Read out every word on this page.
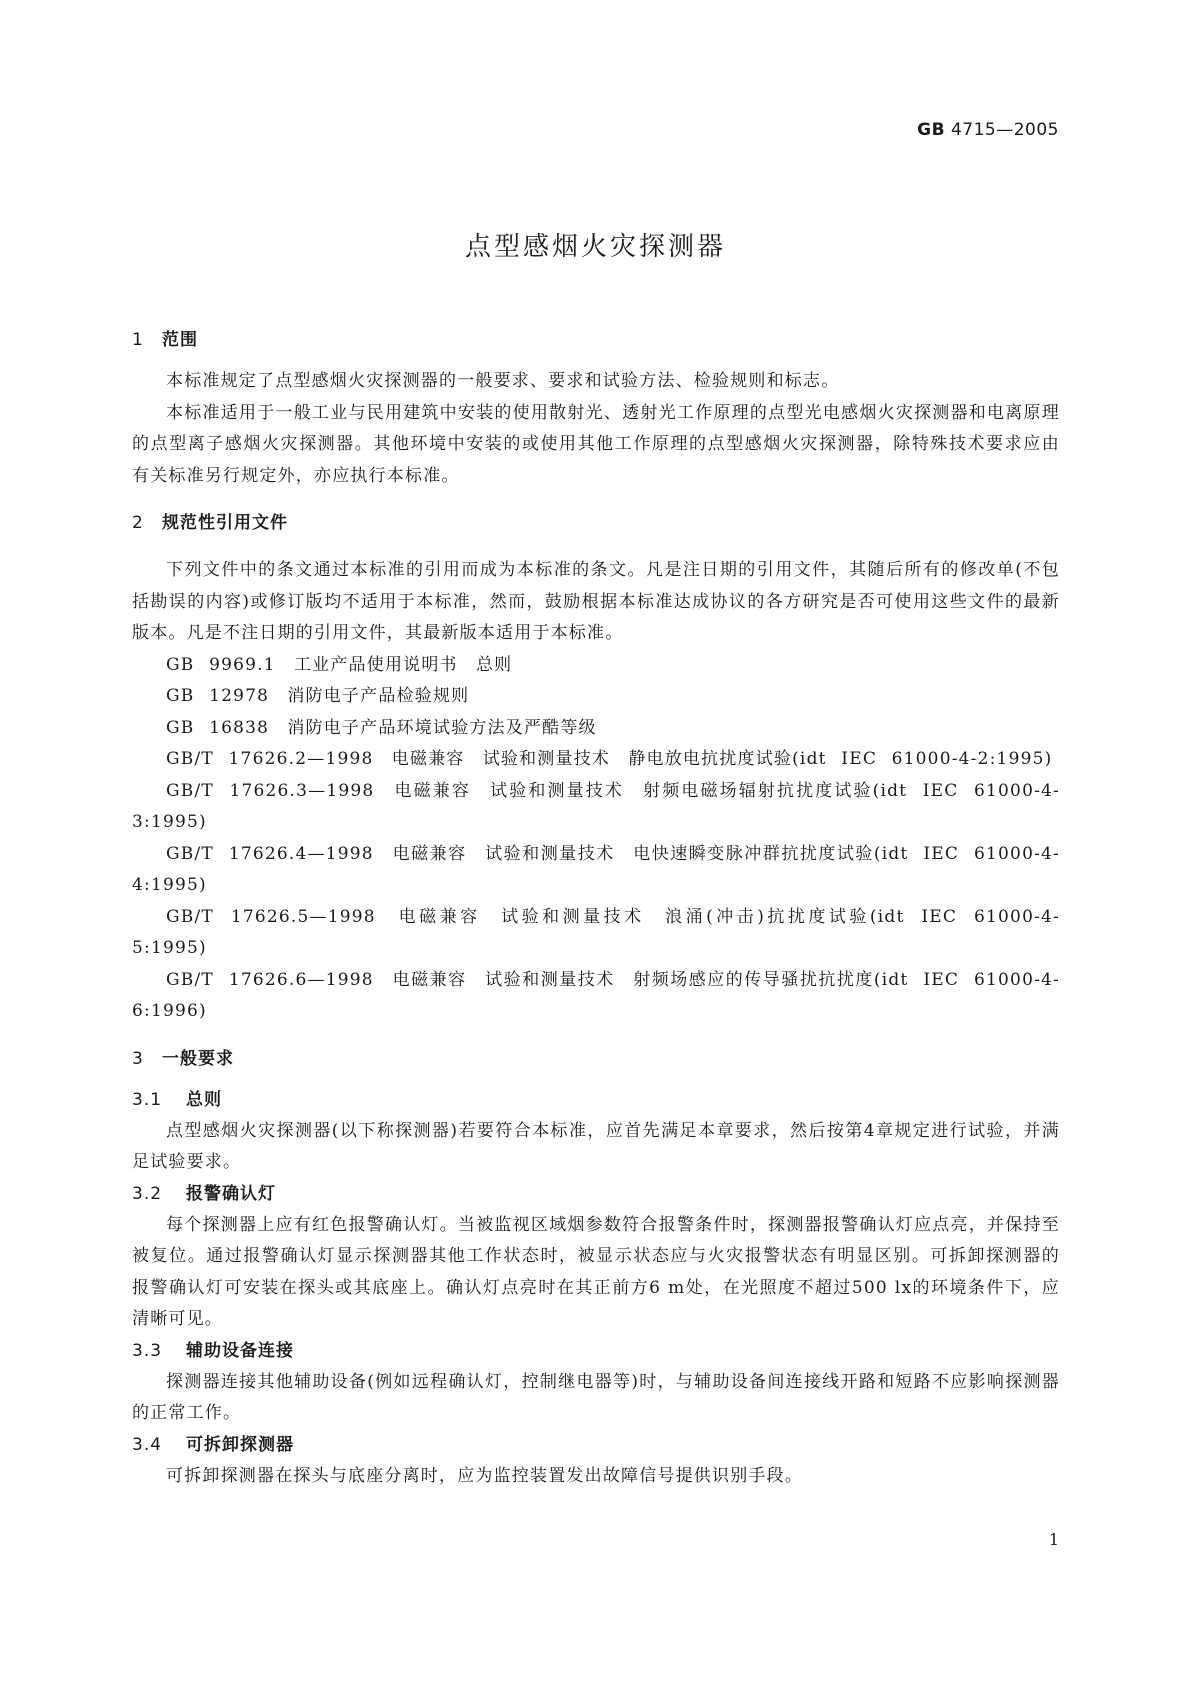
GB 4715—2005
点型感烟火灾探测器
1 范围

本标准规定了点型感烟火灾探测器的一般要求、要求和试验方法、检验规则和标志。

本标准适用于一般工业与民用建筑中安装的使用散射光、透射光工作原理的点型光电感烟火灾探测器和电离原理的点型离子感烟火灾探测器。其他环境中安装的或使用其他工作原理的点型感烟火灾探测器，除特殊技术要求应由有关标准另行规定外，亦应执行本标准。

2 规范性引用文件

下列文件中的条文通过本标准的引用而成为本标准的条文。凡是注日期的引用文件，其随后所有的修改单(不包括勘误的内容)或修订版均不适用于本标准，然而，鼓励根据本标准达成协议的各方研究是否可使用这些文件的最新版本。凡是不注日期的引用文件，其最新版本适用于本标准。

GB 9969.1　工业产品使用说明书　总则

GB 12978　消防电子产品检验规则

GB 16838　消防电子产品环境试验方法及严酷等级

GB/T 17626.2—1998　电磁兼容　试验和测量技术　静电放电抗扰度试验(idt IEC 61000-4-2:1995)

GB/T 17626.3—1998　电磁兼容　试验和测量技术　射频电磁场辐射抗扰度试验(idt IEC 61000-4-3:1995)

GB/T 17626.4—1998　电磁兼容　试验和测量技术　电快速瞬变脉冲群抗扰度试验(idt IEC 61000-4-4:1995)

GB/T 17626.5—1998　电磁兼容　试验和测量技术　浪涌(冲击)抗扰度试验(idt IEC 61000-4-5:1995)

GB/T 17626.6—1998　电磁兼容　试验和测量技术　射频场感应的传导骚扰抗扰度(idt IEC 61000-4-6:1996)

3 一般要求
3.1 总则

点型感烟火灾探测器(以下称探测器)若要符合本标准，应首先满足本章要求，然后按第4章规定进行试验，并满足试验要求。

3.2 报警确认灯

每个探测器上应有红色报警确认灯。当被监视区域烟参数符合报警条件时，探测器报警确认灯应点亮，并保持至被复位。通过报警确认灯显示探测器其他工作状态时，被显示状态应与火灾报警状态有明显区别。可拆卸探测器的报警确认灯可安装在探头或其底座上。确认灯点亮时在其正前方6 m处，在光照度不超过500 lx的环境条件下，应清晰可见。

3.3 辅助设备连接

探测器连接其他辅助设备(例如远程确认灯，控制继电器等)时，与辅助设备间连接线开路和短路不应影响探测器的正常工作。

3.4 可拆卸探测器

可拆卸探测器在探头与底座分离时，应为监控装置发出故障信号提供识别手段。

1
